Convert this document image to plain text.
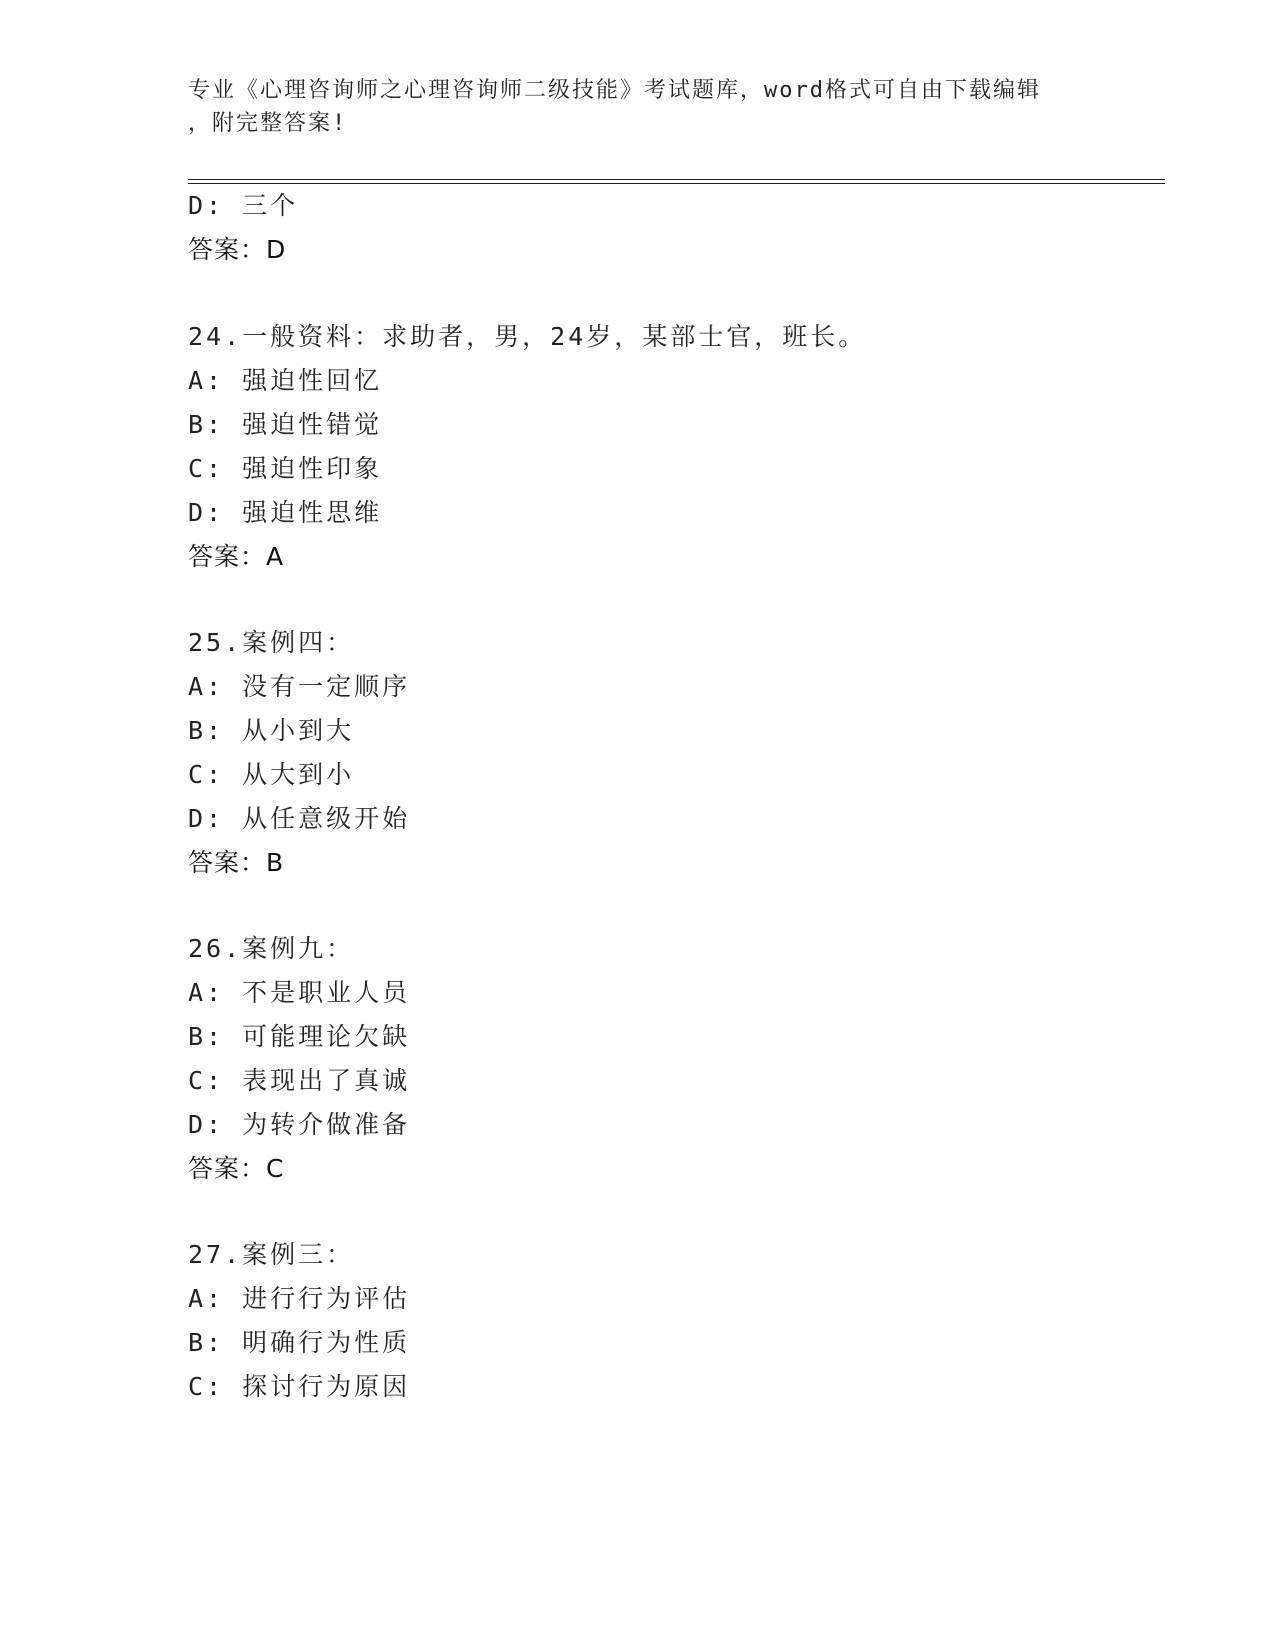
专业《心理咨询师之心理咨询师二级技能》考试题库，word格式可自由下载编辑
，附完整答案!
D: 三个
答案：D
24.一般资料：求助者，男，24岁，某部士官，班长。
A: 强迫性回忆
B: 强迫性错觉
C: 强迫性印象
D: 强迫性思维
答案：A
25.案例四：
A: 没有一定顺序
B: 从小到大
C: 从大到小
D: 从任意级开始
答案：B
26.案例九：
A: 不是职业人员
B: 可能理论欠缺
C: 表现出了真诚
D: 为转介做准备
答案：C
27.案例三：
A: 进行行为评估
B: 明确行为性质
C: 探讨行为原因
